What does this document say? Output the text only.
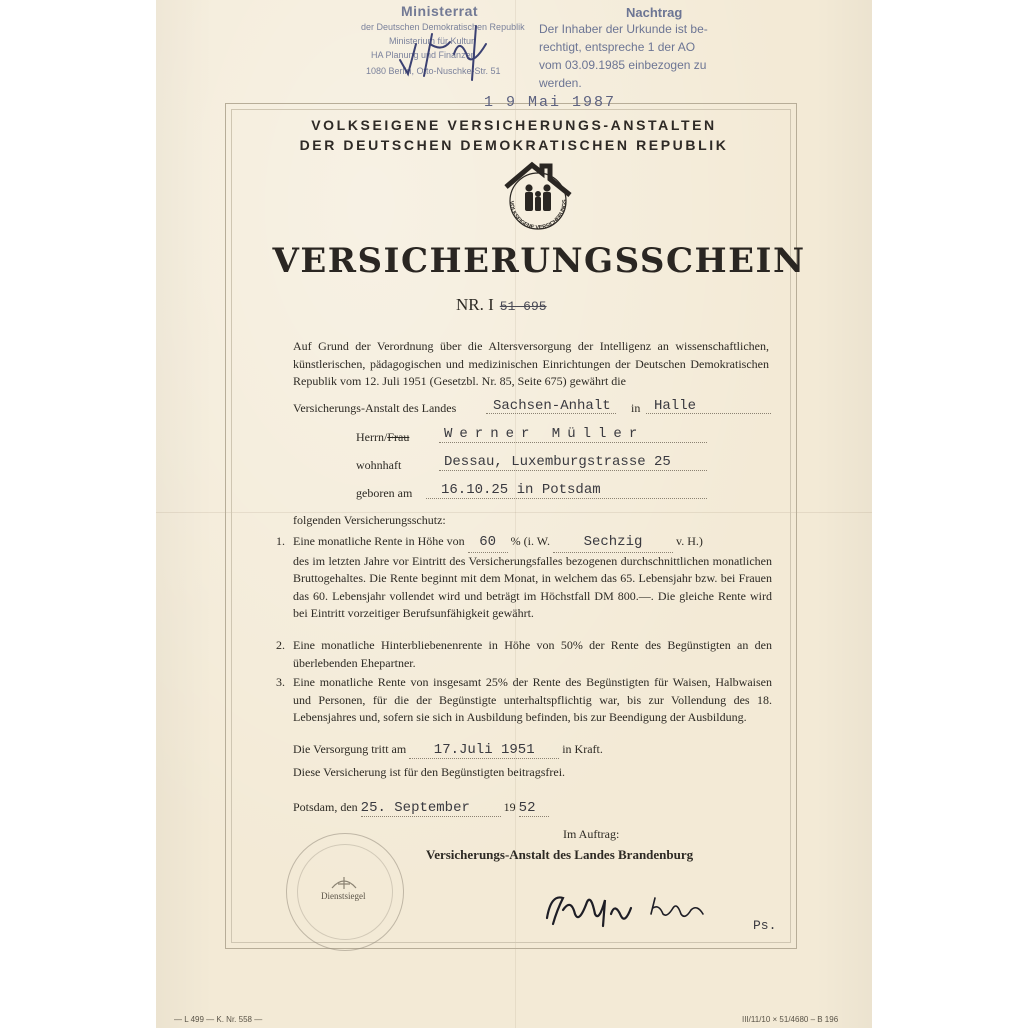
Ministerrat
der Deutschen Demokratischen Republik
Ministerium für Kultur
HA Planung und Finanzen
1080 Berlin, Otto-Nuschke-Str. 51
1 9 Mai 1987
Nachtrag
Der Inhaber der Urkunde ist be-
rechtigt, entspreche 1 der AO
vom 03.09.1985 einbezogen zu
werden.
VOLKSEIGENE VERSICHERUNGS-ANSTALTEN
DER DEUTSCHEN DEMOKRATISCHEN REPUBLIK
VOLKSEIGENE VERSICHERUNGS
VERSICHERUNGSSCHEIN
NR. I 51 695
Auf Grund der Verordnung über die Altersversorgung der Intelligenz an wissenschaftlichen, künstlerischen, pädagogischen und medizinischen Einrichtungen der Deutschen Demokratischen Republik vom 12. Juli 1951 (Gesetzbl. Nr. 85, Seite 675) gewährt die
Versicherungs-Anstalt des Landes	Sachsen-Anhalt in Halle
Herrn/Frau Werner Müller
wohnhaft	Dessau, Luxemburgstrasse 25
geboren am 16.10.25 in Potsdam
folgenden Versicherungsschutz:
1. Eine monatliche Rente in Höhe von 60 % (i. W. Sechzig	v. H.)
des im letzten Jahre vor Eintritt des Versicherungsfalles bezogenen durchschnittlichen monatlichen Bruttogehaltes. Die Rente beginnt mit dem Monat, in welchem das 65. Lebensjahr bzw. bei Frauen das 60. Lebensjahr vollendet wird und beträgt im Höchstfall DM 800.—. Die gleiche Rente wird bei Eintritt vorzeitiger Berufsunfähigkeit gewährt.
2. Eine monatliche Hinterbliebenenrente in Höhe von 50% der Rente des Begünstigten an den überlebenden Ehepartner.
3. Eine monatliche Rente von insgesamt 25% der Rente des Begünstigten für Waisen, Halbwaisen und Personen, für die der Begünstigte unterhaltspflichtig war, bis zur Vollendung des 18. Lebensjahres und, sofern sie sich in Ausbildung befinden, bis zur Beendigung der Ausbildung.
Die Versorgung tritt am 17.Juli 1951 in Kraft.
Diese Versicherung ist für den Begünstigten beitragsfrei.
Potsdam, den 25. September	19 52
Im Auftrag:
Versicherungs-Anstalt des Landes Brandenburg
Dienstsiegel
Ps.
— L 499 — K. Nr. 558 —	III/11/10 × 51/4680 – B 196
